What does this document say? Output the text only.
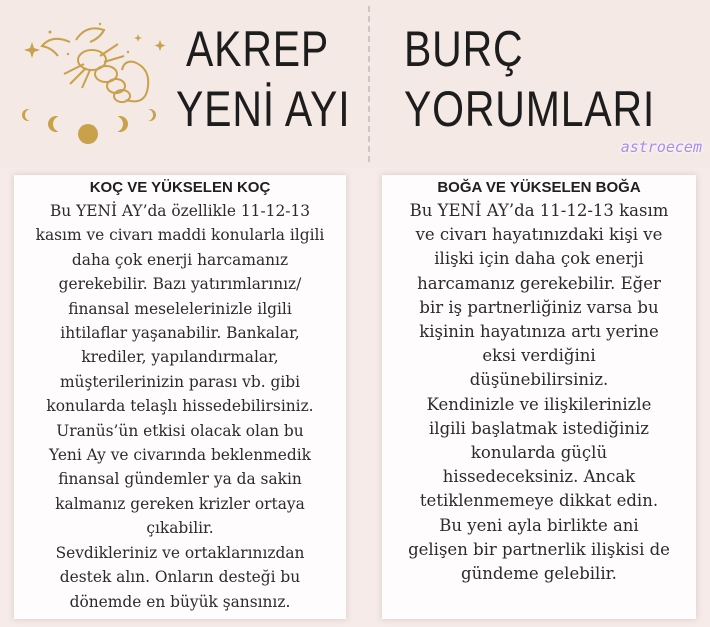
AKREP
YENİ AYI
BURÇ
YORUMLARI
astroecem
KOÇ VE YÜKSELEN KOÇ
Bu YENİ AY’da özellikle 11-12-13
kasım ve civarı maddi konularla ilgili
daha çok enerji harcamanız
gerekebilir. Bazı yatırımlarınız/
finansal meselelerinizle ilgili
ihtilaflar yaşanabilir. Bankalar,
krediler, yapılandırmalar,
müşterilerinizin parası vb. gibi
konularda telaşlı hissedebilirsiniz.
Uranüs’ün etkisi olacak olan bu
Yeni Ay ve civarında beklenmedik
finansal gündemler ya da sakin
kalmanız gereken krizler ortaya
çıkabilir.
Sevdikleriniz ve ortaklarınızdan
destek alın. Onların desteği bu
dönemde en büyük şansınız.
BOĞA VE YÜKSELEN BOĞA
Bu YENİ AY’da 11-12-13 kasım
ve civarı hayatınızdaki kişi ve
ilişki için daha çok enerji
harcamanız gerekebilir. Eğer
bir iş partnerliğiniz varsa bu
kişinin hayatınıza artı yerine
eksi verdiğini
düşünebilirsiniz.
Kendinizle ve ilişkilerinizle
ilgili başlatmak istediğiniz
konularda güçlü
hissedeceksiniz. Ancak
tetiklenmemeye dikkat edin.
Bu yeni ayla birlikte ani
gelişen bir partnerlik ilişkisi de
gündeme gelebilir.
